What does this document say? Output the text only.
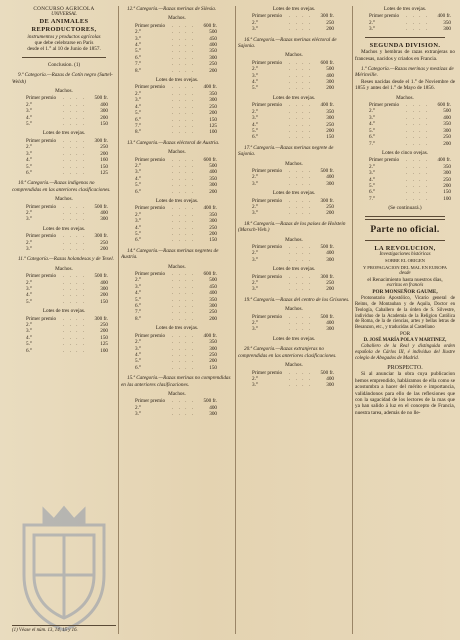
CONCURSO AGRÍCOLA
UNIVERSAL
DE ANIMALES REPRODUCTORES,
instrumentos y productos agrícolas
que debe celebrarse en París
desde el 1.° al 10 de Junio de 1857.
Conclusion. (1)
9.ª Categoría.—Razas de Cotín negro (Suttel-Welsh)
Machos.
Primer premio	. . . .	500 fr.
2.°	. . . .	400
3.°	. . . .	300
4.°	. . . .	200
5.°	. . . .	150
Lotes de tres ovejas.
Primer premio	. . . .	300 fr.
2.°	. . . .	250
3.°	. . . .	200
4.°	. . . .	160
5.°	. . . .	150
6.°	. . . .	125
10.ª Categoría.—Razas indígenas no comprendidas en las anteriores clasificaciones.
Machos.
Primer premio	. . . .	500 fr.
2.°	. . . .	400
3.°	. . . .	300
Lotes de tres ovejas.
Primer premio	. . . .	300 fr.
2.°	. . . .	250
3.°	. . . .	200
11.ª Categoría.—Razas holandesas y de Texel.
Machos.
Primer premio	. . . .	500 fr.
2.°	. . . .	400
3.°	. . . .	300
4.°	. . . .	200
5.°	. . . .	150
Lotes de tres ovejas.
Primer premio	. . . .	300 fr.
2.°	. . . .	250
3.°	. . . .	200
4.°	. . . .	150
5.°	. . . .	125
6.°	. . . .	100
(1) Véase el núm. 13, 14, 15 y 16.
12.ª Categoría.—Razas merinas de Silesia.
Machos.
Primer premio	. . . .	600 fr.
2.°	. . . .	500
3.°	. . . .	450
4.°	. . . .	400
5.°	. . . .	350
6.°	. . . .	300
7.°	. . . .	250
8.°	. . . .	200
Lotes de tres ovejas.
Primer premio	. . . .	400 fr.
2.°	. . . .	350
3.°	. . . .	300
4.°	. . . .	250
5.°	. . . .	200
6.°	. . . .	150
7.°	. . . .	125
8.°	. . . .	100
13.ª Categoría.—Razas eléctoral de Austria.
Machos.
Primer premio	. . . .	600 fr.
2.°	. . . .	500
3.°	. . . .	400
4.°	. . . .	350
5.°	. . . .	300
6.°	. . . .	200
Lotes de tres ovejas.
Primer premio	. . . .	400 fr.
2.°	. . . .	350
3.°	. . . .	300
4.°	. . . .	250
5.°	. . . .	200
6.°	. . . .	150
14.ª Categoría.—Razas merinas negretes de Austria.
Machos.
Primer premio	. . . .	600 fr.
2.°	. . . .	500
3.°	. . . .	450
4.°	. . . .	400
5.°	. . . .	350
6.°	. . . .	300
7.°	. . . .	250
8.°	. . . .	200
Lotes de tres ovejas.
Primer premio	. . . .	400 fr.
2.°	. . . .	350
3.°	. . . .	300
4.°	. . . .	250
5.°	. . . .	200
6.°	. . . .	150
15.ª Categoría.—Razas merinas no comprendidas en las anteriores clasificaciones.
Machos.
Primer premio	. . . .	500 fr.
2.°	. . . .	400
3.°	. . . .	300
Lotes de tres ovejas.
Primer premio	. . . .	300 fr.
2.°	. . . .	250
3.°	. . . .	200
16.ª Categoría.—Razas merinas eléctoral de Sajonia.
Machos.
Primer premio	. . . .	600 fr.
2.°	. . . .	500
3.°	. . . .	400
4.°	. . . .	300
5.°	. . . .	200
Lotes de tres ovejas.
Primer premio	. . . .	400 fr.
2.°	. . . .	350
3.°	. . . .	300
4.°	. . . .	250
5.°	. . . .	200
6.°	. . . .	150
17.ª Categoría.—Razas merinas negrete de Sajonia.
Machos.
Primer premio	. . . .	500 fr.
2.°	. . . .	400
3.°	. . . .	300
Lotes de tres ovejas.
Primer premio	. . . .	300 fr.
2.°	. . . .	250
3.°	. . . .	200
18.ª Categoría.—Razas de los países de Holstein (Marsch-Vieh.)
Machos.
Primer premio	. . . .	500 fr.
2.°	. . . .	400
3.°	. . . .	300
Lotes de tres ovejas.
Primer premio	. . . .	300 fr.
2.°	. . . .	250
3.°	. . . .	200
19.ª Categoría.—Razas del centro de los Grisones.
Machos.
Primer premio	. . . .	500 fr.
2.°	. . . .	400
3.°	. . . .	300
Lotes de tres ovejas.
20.ª Categoría.—Razas extranjeras no comprendidas en las anteriores clasificaciones.
Machos.
Primer premio	. . . .	500 fr.
2.°	. . . .	400
3.°	. . . .	300
Lotes de tres ovejas.
Primer premio	. . . .	400 fr.
2.°	. . . .	350
3.°	. . . .	300
SEGUNDA DIVISION.
Machos y hembras de razas extranjeras no francesas, nacidos y criados en Francia.
1.ª Categoría.—Razas merinas y mestizas de Mérinville.
Reses nacidas desde el 1.° de Noviembre de 1855 y antes del 1.° de Mayo de 1856.
Machos.
Primer premio	. . . .	600 fr.
2.°	. . . .	500
3.°	. . . .	400
4.°	. . . .	350
5.°	. . . .	300
6.°	. . . .	250
7.°	. . . .	200
Lotes de cinco ovejas.
Primer premio	. . . .	400 fr.
2.°	. . . .	350
3.°	. . . .	300
4.°	. . . .	250
5.°	. . . .	200
6.°	. . . .	150
7.°	. . . .	100
(Se continuará.)
Parte no oficial.
LA REVOLUCION,
Investigaciones históricas
SOBRE EL ORIGEN
Y PROPAGACION DEL MAL EN EUROPA
desde
el Renacimiento hasta nuestros días,
escritas en francés
POR MONSEÑOR GAUME,
Protonotario Apostólico, Vicario general de Reims, de Montauban y de Aquila, Doctor en Teología, Caballero de la órden de S. Silvestre, individuo de la Academia de la Religion Católica de Roma, de la de ciencias, artes y bellas letras de Besanzon, etc., y traducidas al Castellano
POR
D. JOSÉ MARÍA POLA Y MARTINEZ,
Caballero de la Real y distinguida orden española de Cárlos III, é individuo del Ilustre colegio de Abogados de Madrid.
PROSPECTO.
Si al anunciar la obra cuya publicacion hemos emprendido, habláramos de ella como se acostumbra a hacer del mérito e importancia, validándonos para ello de las reflexiones que con la sagacidad de los lectores de la mas que ya han salido á luz en el concepto de Francia, nuestra tarea, además de no lle-
